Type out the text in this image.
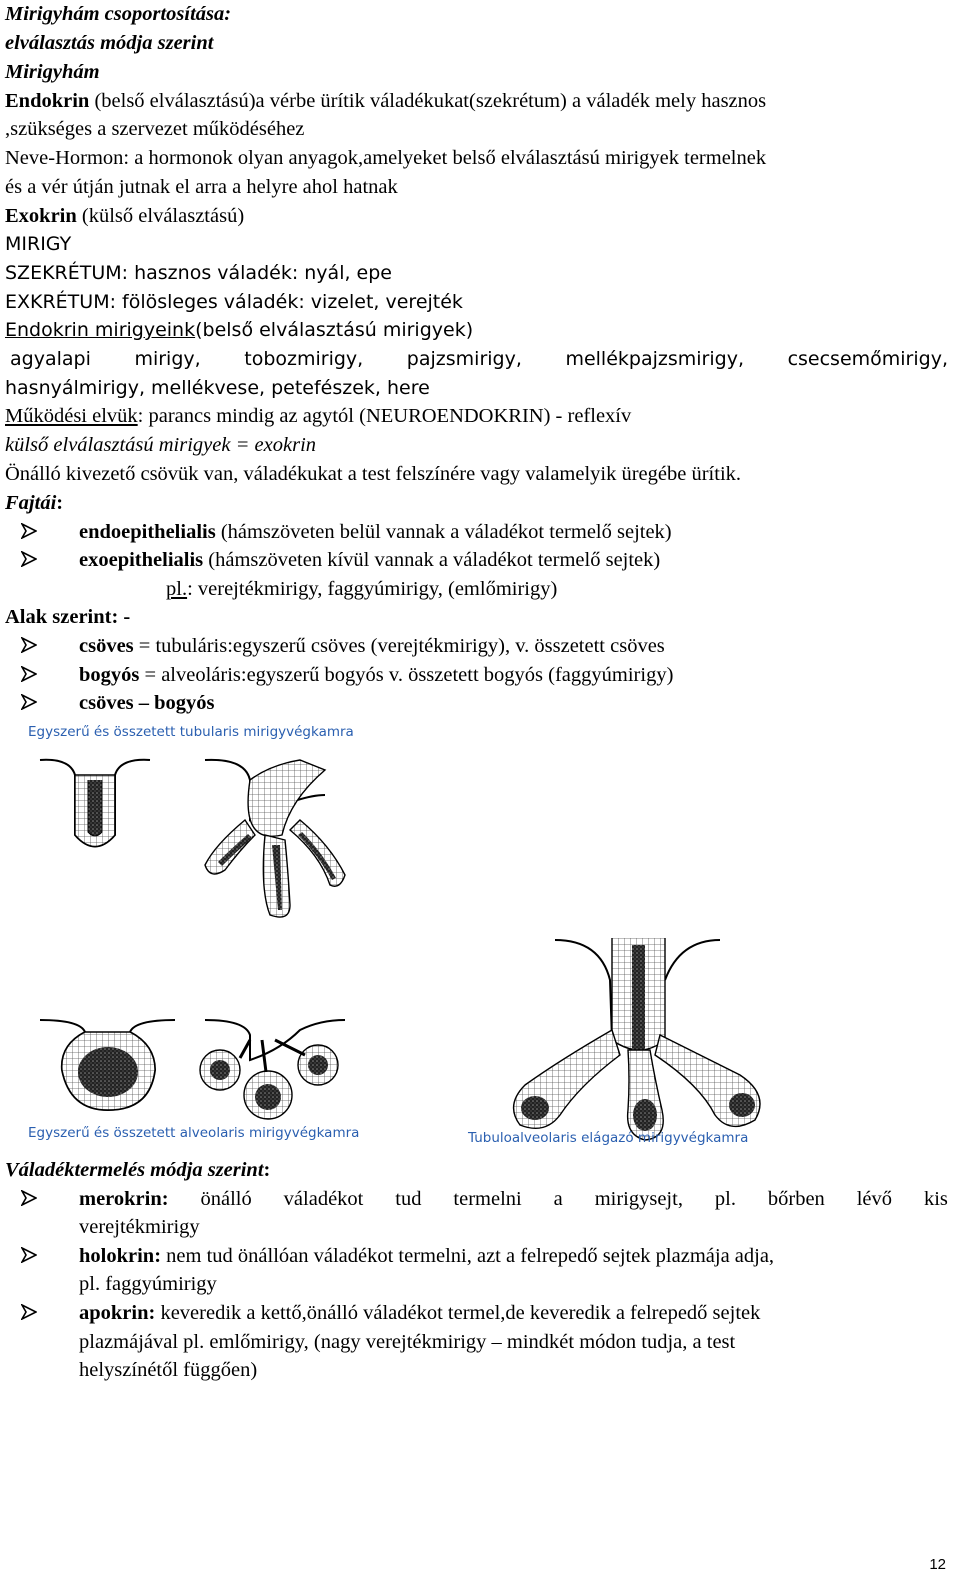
Mirigyhám csoportosítása:
elválasztás módja szerint
Mirigyhám
Endokrin (belső elválasztású)a vérbe ürítik váladékukat(szekrétum) a váladék mely hasznos
,szükséges a szervezet működéséhez
Neve-Hormon: a hormonok olyan anyagok,amelyeket belső elválasztású mirigyek termelnek
és a vér útján jutnak el arra a helyre ahol hatnak
Exokrin (külső elválasztású)
MIRIGY
SZEKRÉTUM: hasznos váladék: nyál, epe
EXKRÉTUM: fölösleges váladék: vizelet, verejték
Endokrin mirigyeink(belső elválasztású mirigyek)
agyalapi mirigy, tobozmirigy, pajzsmirigy, mellékpajzsmirigy, csecsemőmirigy,
hasnyálmirigy, mellékvese, petefészek, here
Működési elvük: parancs mindig az agytól (NEUROENDOKRIN) - reflexív
külső elválasztású mirigyek = exokrin
Önálló kivezető csövük van, váladékukat a test felszínére vagy valamelyik üregébe ürítik.
Fajtái:
endoepithelialis (hámszöveten belül vannak a váladékot termelő sejtek)
exoepithelialis (hámszöveten kívül vannak a váladékot termelő sejtek)
pl.: verejtékmirigy, faggyúmirigy, (emlőmirigy)
Alak szerint: -
csöves = tubuláris:egyszerű csöves (verejtékmirigy), v. összetett csöves
bogyós = alveoláris:egyszerű bogyós v. összetett bogyós (faggyúmirigy)
csöves – bogyós
Egyszerű és összetett tubularis mirigyvégkamra
Egyszerű és összetett alveolaris mirigyvégkamra	Tubuloalveolaris elágazó mirigyvégkamra
Váladéktermelés módja szerint:
merokrin: önálló váladékot tud termelni a mirigysejt, pl. bőrben lévő kis
verejtékmirigy
holokrin: nem tud önállóan váladékot termelni, azt a felrepedő sejtek plazmája adja,
pl. faggyúmirigy
apokrin: keveredik a kettő,önálló váladékot termel,de keveredik a felrepedő sejtek
plazmájával pl. emlőmirigy, (nagy verejtékmirigy – mindkét módon tudja, a test
helyszínétől függően)
12
